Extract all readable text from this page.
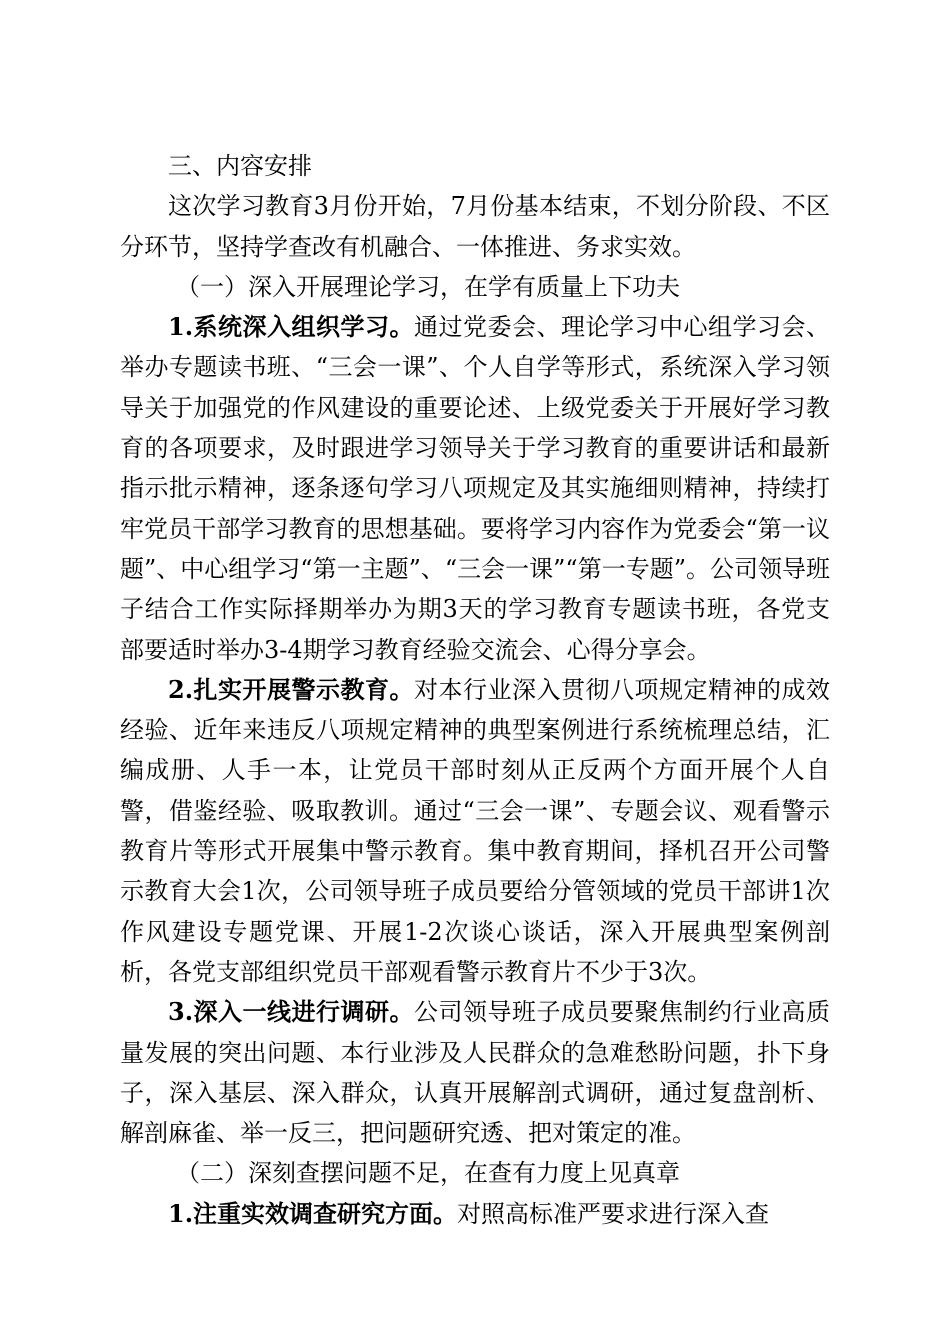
三、内容安排

这次学习教育3月份开始，7月份基本结束，不划分阶段、不区分环节，坚持学查改有机融合、一体推进、务求实效。

（一）深入开展理论学习，在学有质量上下功夫

1.系统深入组织学习。通过党委会、理论学习中心组学习会、举办专题读书班、“三会一课”、个人自学等形式，系统深入学习领导关于加强党的作风建设的重要论述、上级党委关于开展好学习教育的各项要求，及时跟进学习领导关于学习教育的重要讲话和最新指示批示精神，逐条逐句学习八项规定及其实施细则精神，持续打牢党员干部学习教育的思想基础。要将学习内容作为党委会“第一议题”、中心组学习“第一主题”、“三会一课”“第一专题”。公司领导班子结合工作实际择期举办为期3天的学习教育专题读书班，各党支部要适时举办3-4期学习教育经验交流会、心得分享会。

2.扎实开展警示教育。对本行业深入贯彻八项规定精神的成效经验、近年来违反八项规定精神的典型案例进行系统梳理总结，汇编成册、人手一本，让党员干部时刻从正反两个方面开展个人自警，借鉴经验、吸取教训。通过“三会一课”、专题会议、观看警示教育片等形式开展集中警示教育。集中教育期间，择机召开公司警示教育大会1次，公司领导班子成员要给分管领域的党员干部讲1次作风建设专题党课、开展1-2次谈心谈话，深入开展典型案例剖析，各党支部组织党员干部观看警示教育片不少于3次。

3.深入一线进行调研。公司领导班子成员要聚焦制约行业高质量发展的突出问题、本行业涉及人民群众的急难愁盼问题，扑下身子，深入基层、深入群众，认真开展解剖式调研，通过复盘剖析、解剖麻雀、举一反三，把问题研究透、把对策定的准。

（二）深刻查摆问题不足，在查有力度上见真章

1.注重实效调查研究方面。对照高标准严要求进行深入查
